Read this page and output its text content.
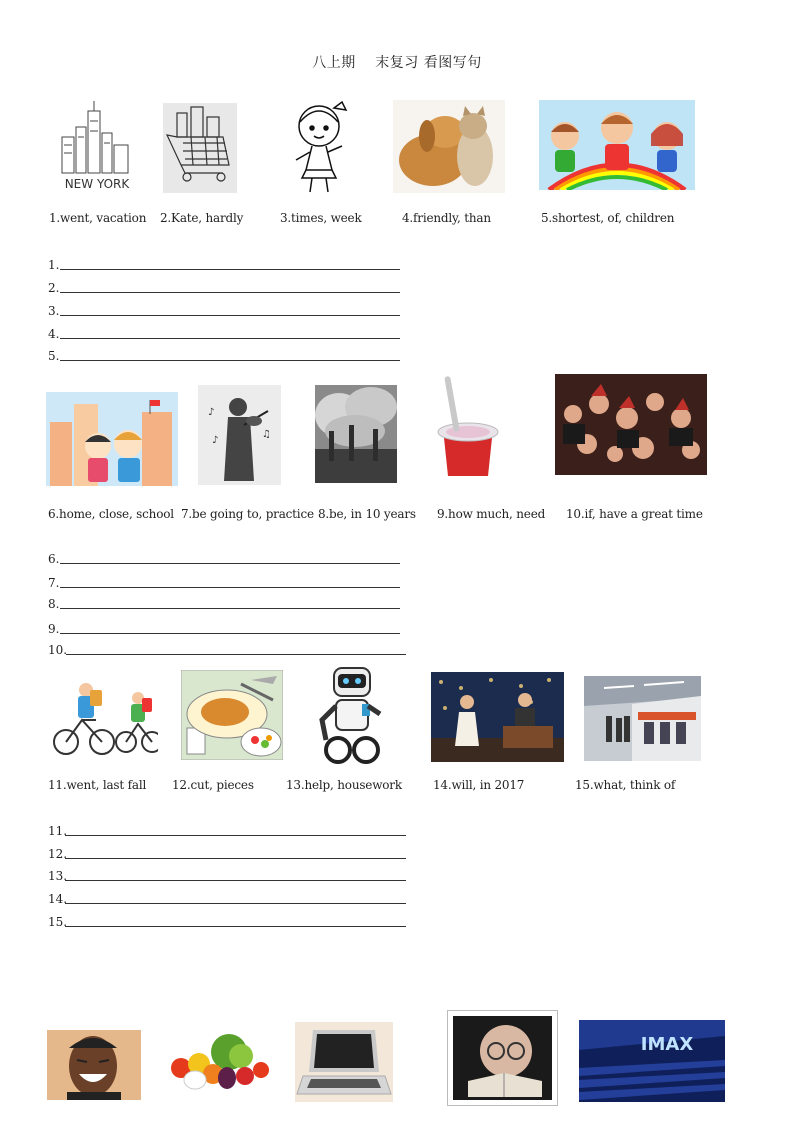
八上期　 末复习 看图写句
NEW YORK
1.went, vacation 2.Kate, hardly	3.times, week	4.friendly, than	5.shortest, of, children
1.
2.
3.
4.
5.
♪
♫
♪
6.home, close, school 7.be going to, practice 8.be, in 10 years 9.how much, need 10.if, have a great time
6.
7.
8.
9.
10.
11.went, last fall 12.cut, pieces	13.help, housework	14.will, in 2017	15.what, think of
11.
12.
13.
14.
15.
IMAX
